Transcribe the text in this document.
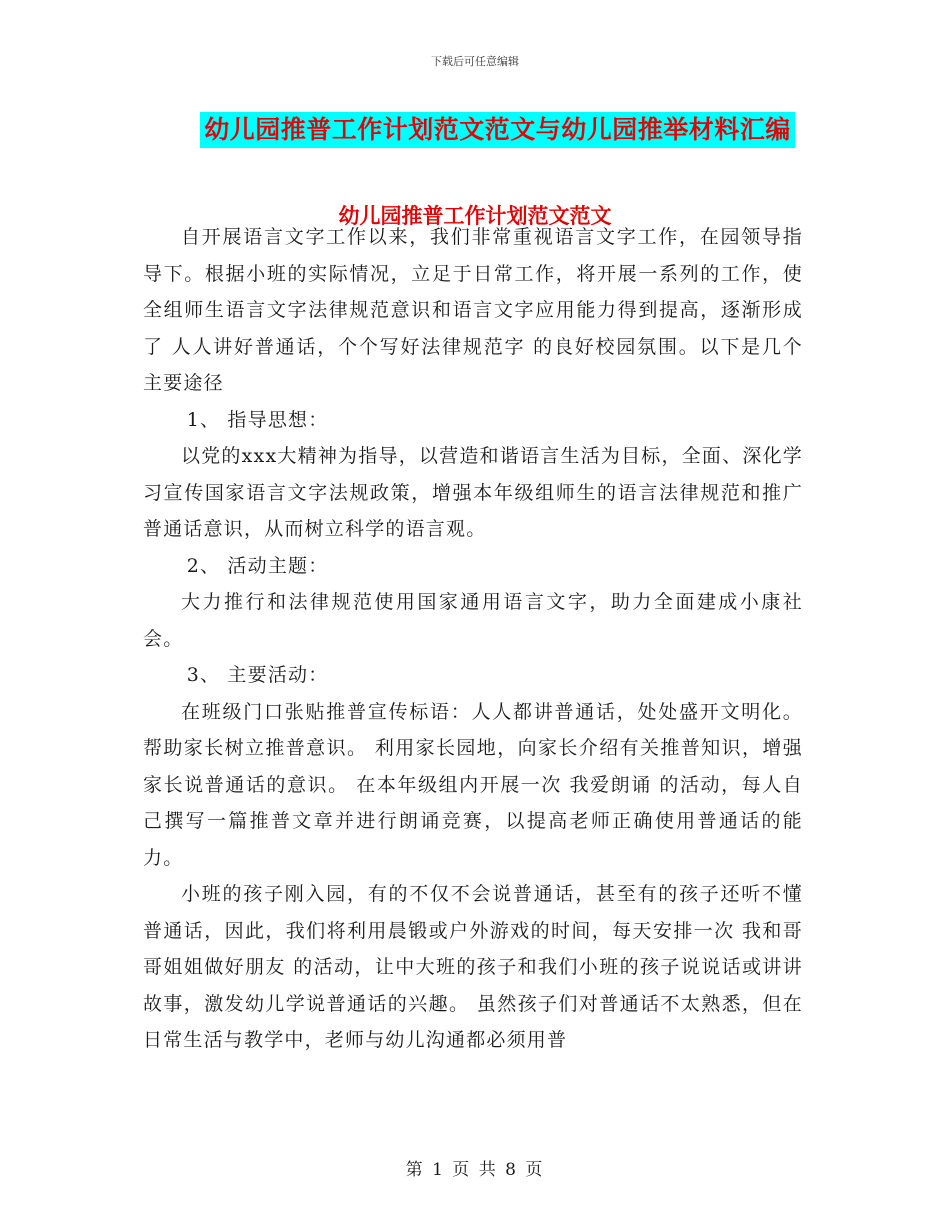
下载后可任意编辑
幼儿园推普工作计划范文范文与幼儿园推举材料汇编
幼儿园推普工作计划范文范文

自开展语言文字工作以来，我们非常重视语言文字工作，在园领导指导下。根据小班的实际情况，立足于日常工作，将开展一系列的工作，使全组师生语言文字法律规范意识和语言文字应用能力得到提高，逐渐形成了 人人讲好普通话，个个写好法律规范字 的良好校园氛围。以下是几个主要途径

1、 指导思想：

以党的xxx大精神为指导，以营造和谐语言生活为目标，全面、深化学习宣传国家语言文字法规政策，增强本年级组师生的语言法律规范和推广普通话意识，从而树立科学的语言观。

2、 活动主题：

大力推行和法律规范使用国家通用语言文字，助力全面建成小康社会。

3、 主要活动：

在班级门口张贴推普宣传标语：人人都讲普通话，处处盛开文明化。帮助家长树立推普意识。 利用家长园地，向家长介绍有关推普知识，增强家长说普通话的意识。 在本年级组内开展一次 我爱朗诵 的活动，每人自己撰写一篇推普文章并进行朗诵竞赛，以提高老师正确使用普通话的能力。

小班的孩子刚入园，有的不仅不会说普通话，甚至有的孩子还听不懂普通话，因此，我们将利用晨锻或户外游戏的时间，每天安排一次 我和哥哥姐姐做好朋友 的活动，让中大班的孩子和我们小班的孩子说说话或讲讲故事，激发幼儿学说普通话的兴趣。 虽然孩子们对普通话不太熟悉，但在日常生活与教学中，老师与幼儿沟通都必须用普

第 1 页 共 8 页
